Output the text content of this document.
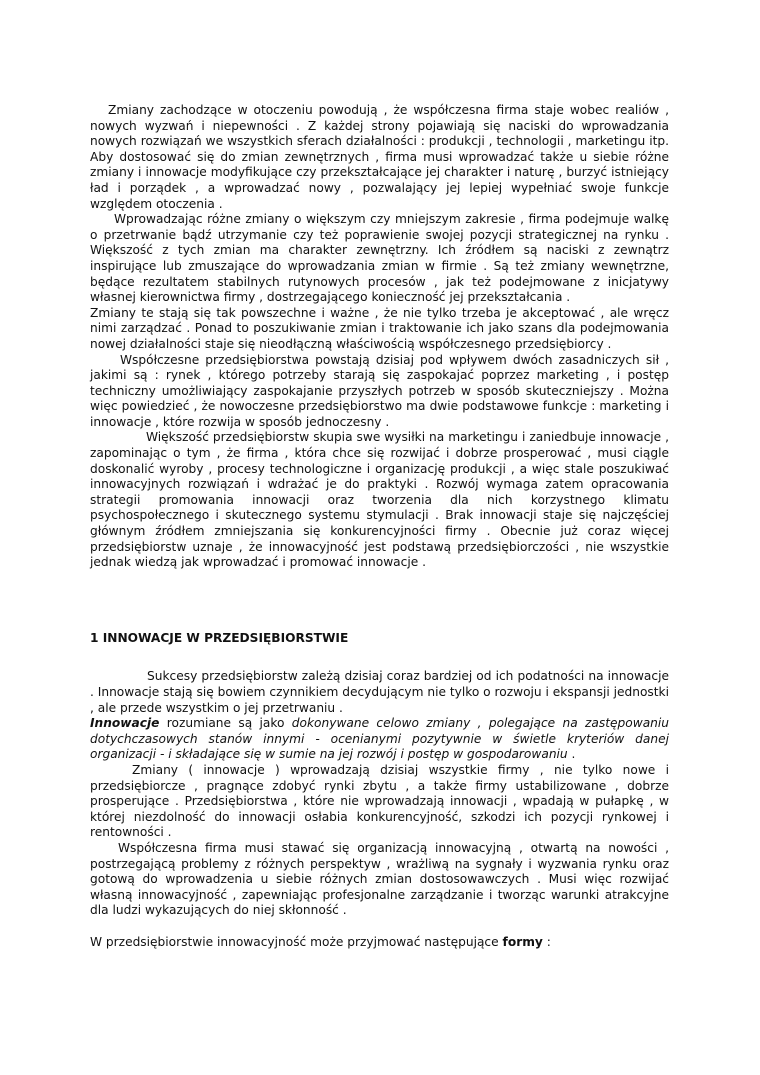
Zmiany zachodzące w otoczeniu powodują , że współczesna firma staje wobec realiów , nowych wyzwań i niepewności . Z każdej strony pojawiają się naciski do wprowadzania nowych rozwiązań we wszystkich sferach działalności : produkcji , technologii , marketingu itp. Aby dostosować się do zmian zewnętrznych , firma musi wprowadzać także u siebie różne zmiany i innowacje modyfikujące czy przekształcające jej charakter i naturę , burzyć istniejący ład i porządek , a wprowadzać nowy , pozwalający jej lepiej wypełniać swoje funkcje względem otoczenia .

Wprowadzając różne zmiany o większym czy mniejszym zakresie , firma podejmuje walkę o przetrwanie bądź utrzymanie czy też poprawienie swojej pozycji strategicznej na rynku . Większość z tych zmian ma charakter zewnętrzny. Ich źródłem są naciski z zewnątrz inspirujące lub zmuszające do wprowadzania zmian w firmie . Są też zmiany wewnętrzne, będące rezultatem stabilnych rutynowych procesów , jak też podejmowane z inicjatywy własnej kierownictwa firmy , dostrzegającego konieczność jej przekształcania .

Zmiany te stają się tak powszechne i ważne , że nie tylko trzeba je akceptować , ale wręcz nimi zarządzać . Ponad to poszukiwanie zmian i traktowanie ich jako szans dla podejmowania nowej działalności staje się nieodłączną właściwością współczesnego przedsiębiorcy .

Współczesne przedsiębiorstwa powstają dzisiaj pod wpływem dwóch zasadniczych sił , jakimi są : rynek , którego potrzeby starają się zaspokajać poprzez marketing , i postęp techniczny umożliwiający zaspokajanie przyszłych potrzeb w sposób skuteczniejszy . Można więc powiedzieć , że nowoczesne przedsiębiorstwo ma dwie podstawowe funkcje : marketing i innowacje , które rozwija w sposób jednoczesny .

Większość przedsiębiorstw skupia swe wysiłki na marketingu i zaniedbuje innowacje , zapominając o tym , że firma , która chce się rozwijać i dobrze prosperować , musi ciągle doskonalić wyroby , procesy technologiczne i organizację produkcji , a więc stale poszukiwać innowacyjnych rozwiązań i wdrażać je do praktyki . Rozwój wymaga zatem opracowania strategii promowania innowacji oraz tworzenia dla nich korzystnego klimatu psychospołecznego i skutecznego systemu stymulacji . Brak innowacji staje się najczęściej głównym źródłem zmniejszania się konkurencyjności firmy . Obecnie już coraz więcej przedsiębiorstw uznaje , że innowacyjność jest podstawą przedsiębiorczości , nie wszystkie jednak wiedzą jak wprowadzać i promować innowacje .

1 INNOWACJE W PRZEDSIĘBIORSTWIE

Sukcesy przedsiębiorstw zależą dzisiaj coraz bardziej od ich podatności na innowacje . Innowacje stają się bowiem czynnikiem decydującym nie tylko o rozwoju i ekspansji jednostki , ale przede wszystkim o jej przetrwaniu .

Innowacje rozumiane są jako dokonywane celowo zmiany , polegające na zastępowaniu dotychczasowych stanów innymi - ocenianymi pozytywnie w świetle kryteriów danej organizacji - i składające się w sumie na jej rozwój i postęp w gospodarowaniu .

Zmiany ( innowacje ) wprowadzają dzisiaj wszystkie firmy , nie tylko nowe i przedsiębiorcze , pragnące zdobyć rynki zbytu , a także firmy ustabilizowane , dobrze prosperujące . Przedsiębiorstwa , które nie wprowadzają innowacji , wpadają w pułapkę , w której niezdolność do innowacji osłabia konkurencyjność, szkodzi ich pozycji rynkowej i rentowności .

Współczesna firma musi stawać się organizacją innowacyjną , otwartą na nowości , postrzegającą problemy z różnych perspektyw , wrażliwą na sygnały i wyzwania rynku oraz gotową do wprowadzenia u siebie różnych zmian dostosowawczych . Musi więc rozwijać własną innowacyjność , zapewniając profesjonalne zarządzanie i tworząc warunki atrakcyjne dla ludzi wykazujących do niej skłonność .

W przedsiębiorstwie innowacyjność może przyjmować następujące formy :
